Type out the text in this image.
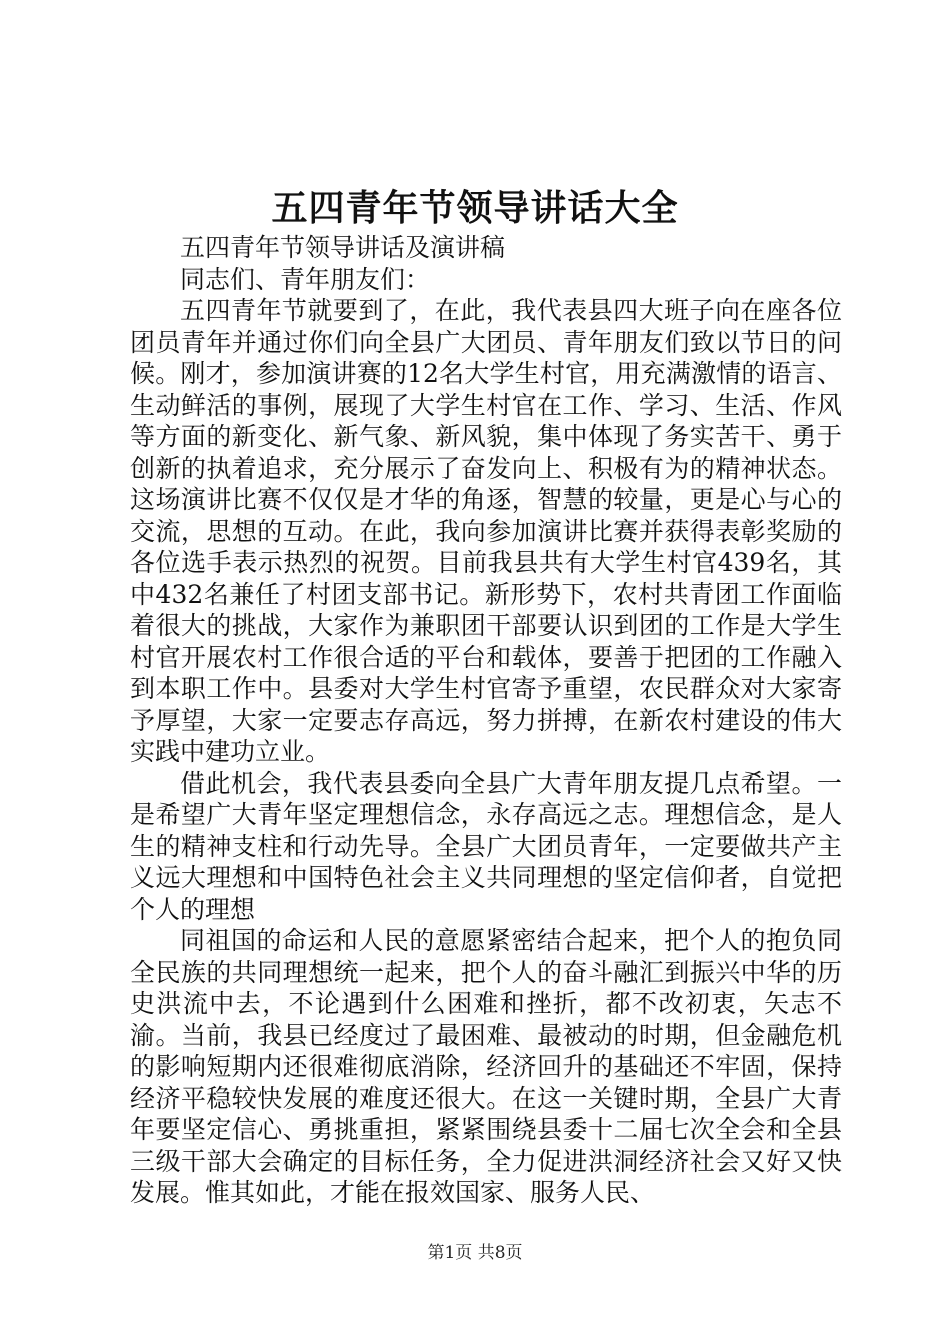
五四青年节领导讲话大全

五四青年节领导讲话及演讲稿

同志们、青年朋友们：

五四青年节就要到了，在此，我代表县四大班子向在座各位团员青年并通过你们向全县广大团员、青年朋友们致以节日的问候。刚才，参加演讲赛的12名大学生村官，用充满激情的语言、生动鲜活的事例，展现了大学生村官在工作、学习、生活、作风等方面的新变化、新气象、新风貌，集中体现了务实苦干、勇于创新的执着追求，充分展示了奋发向上、积极有为的精神状态。这场演讲比赛不仅仅是才华的角逐，智慧的较量，更是心与心的交流，思想的互动。在此，我向参加演讲比赛并获得表彰奖励的各位选手表示热烈的祝贺。目前我县共有大学生村官439名，其中432名兼任了村团支部书记。新形势下，农村共青团工作面临着很大的挑战，大家作为兼职团干部要认识到团的工作是大学生村官开展农村工作很合适的平台和载体，要善于把团的工作融入到本职工作中。县委对大学生村官寄予重望，农民群众对大家寄予厚望，大家一定要志存高远，努力拼搏，在新农村建设的伟大实践中建功立业。

借此机会，我代表县委向全县广大青年朋友提几点希望。一是希望广大青年坚定理想信念，永存高远之志。理想信念，是人生的精神支柱和行动先导。全县广大团员青年，一定要做共产主义远大理想和中国特色社会主义共同理想的坚定信仰者，自觉把个人的理想

同祖国的命运和人民的意愿紧密结合起来，把个人的抱负同全民族的共同理想统一起来，把个人的奋斗融汇到振兴中华的历史洪流中去，不论遇到什么困难和挫折，都不改初衷，矢志不渝。当前，我县已经度过了最困难、最被动的时期，但金融危机的影响短期内还很难彻底消除，经济回升的基础还不牢固，保持经济平稳较快发展的难度还很大。在这一关键时期，全县广大青年要坚定信心、勇挑重担，紧紧围绕县委十二届七次全会和全县三级干部大会确定的目标任务，全力促进洪洞经济社会又好又快发展。惟其如此，才能在报效国家、服务人民、

第1页 共8页
